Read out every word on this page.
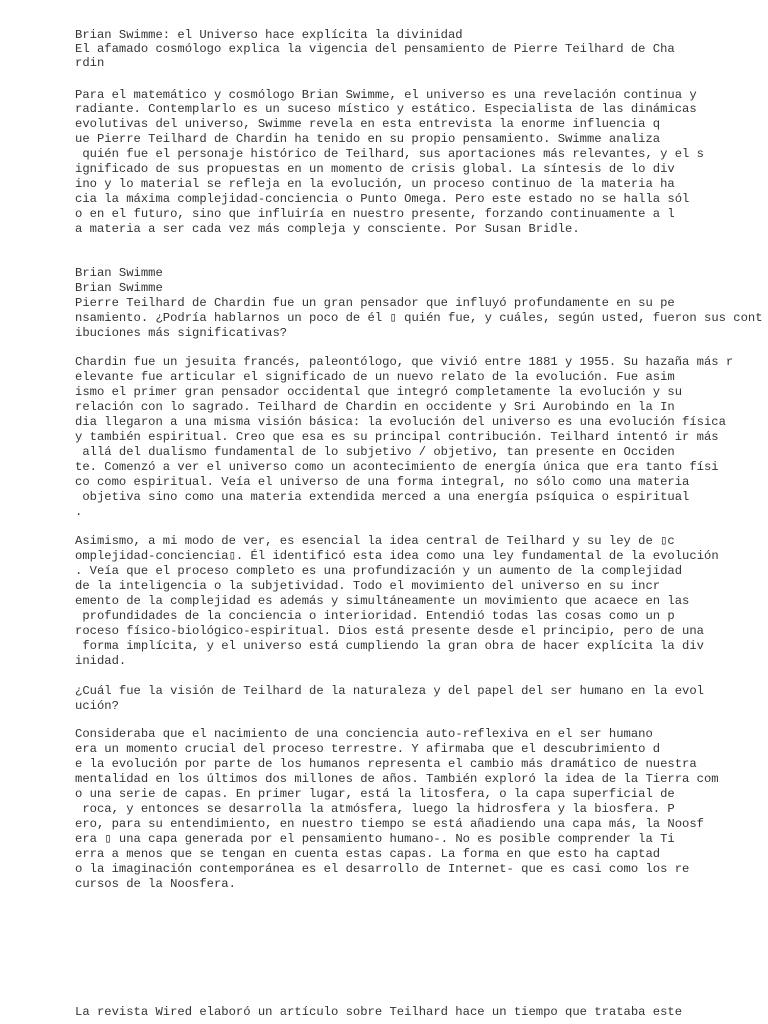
Brian Swimme: el Universo hace explícita la divinidad

El afamado cosmólogo explica la vigencia del pensamiento de Pierre Teilhard de Cha

rdin

Para el matemático y cosmólogo Brian Swimme, el universo es una revelación continua y

radiante. Contemplarlo es un suceso místico y estático. Especialista de las dinámicas

evolutivas del universo, Swimme revela en esta entrevista la enorme influencia q

ue Pierre Teilhard de Chardin ha tenido en su propio pensamiento. Swimme analiza

quién fue el personaje histórico de Teilhard, sus aportaciones más relevantes, y el s

ignificado de sus propuestas en un momento de crisis global. La síntesis de lo div

ino y lo material se refleja en la evolución, un proceso continuo de la materia ha

cia la máxima complejidad-conciencia o Punto Omega. Pero este estado no se halla sól

o en el futuro, sino que influiría en nuestro presente, forzando continuamente a l

a materia a ser cada vez más compleja y consciente. Por Susan Bridle.

Brian Swimme

Brian Swimme

Pierre Teilhard de Chardin fue un gran pensador que influyó profundamente en su pe

nsamiento. ¿Podría hablarnos un poco de él ▯ quién fue, y cuáles, según usted, fueron sus cont

ibuciones más significativas?

Chardin fue un jesuita francés, paleontólogo, que vivió entre 1881 y 1955. Su hazaña más r

elevante fue articular el significado de un nuevo relato de la evolución. Fue asim

ismo el primer gran pensador occidental que integró completamente la evolución y su

relación con lo sagrado. Teilhard de Chardin en occidente y Sri Aurobindo en la In

dia llegaron a una misma visión básica: la evolución del universo es una evolución física

y también espiritual. Creo que esa es su principal contribución. Teilhard intentó ir más

allá del dualismo fundamental de lo subjetivo / objetivo, tan presente en Occiden

te. Comenzó a ver el universo como un acontecimiento de energía única que era tanto físi

co como espiritual. Veía el universo de una forma integral, no sólo como una materia

objetiva sino como una materia extendida merced a una energía psíquica o espiritual

.

Asimismo, a mi modo de ver, es esencial la idea central de Teilhard y su ley de ▯c

omplejidad-conciencia▯. Él identificó esta idea como una ley fundamental de la evolución

. Veía que el proceso completo es una profundización y un aumento de la complejidad

de la inteligencia o la subjetividad. Todo el movimiento del universo en su incr

emento de la complejidad es además y simultáneamente un movimiento que acaece en las

profundidades de la conciencia o interioridad. Entendió todas las cosas como un p

roceso físico-biológico-espiritual. Dios está presente desde el principio, pero de una

forma implícita, y el universo está cumpliendo la gran obra de hacer explícita la div

inidad.

¿Cuál fue la visión de Teilhard de la naturaleza y del papel del ser humano en la evol

ución?

Consideraba que el nacimiento de una conciencia auto-reflexiva en el ser humano

era un momento crucial del proceso terrestre. Y afirmaba que el descubrimiento d

e la evolución por parte de los humanos representa el cambio más dramático de nuestra

mentalidad en los últimos dos millones de años. También exploró la idea de la Tierra com

o una serie de capas. En primer lugar, está la litosfera, o la capa superficial de

roca, y entonces se desarrolla la atmósfera, luego la hidrosfera y la biosfera. P

ero, para su entendimiento, en nuestro tiempo se está añadiendo una capa más, la Noosf

era ▯ una capa generada por el pensamiento humano-. No es posible comprender la Ti

erra a menos que se tengan en cuenta estas capas. La forma en que esto ha captad

o la imaginación contemporánea es el desarrollo de Internet- que es casi como los re

cursos de la Noosfera.

La revista Wired elaboró un artículo sobre Teilhard hace un tiempo que trataba este
